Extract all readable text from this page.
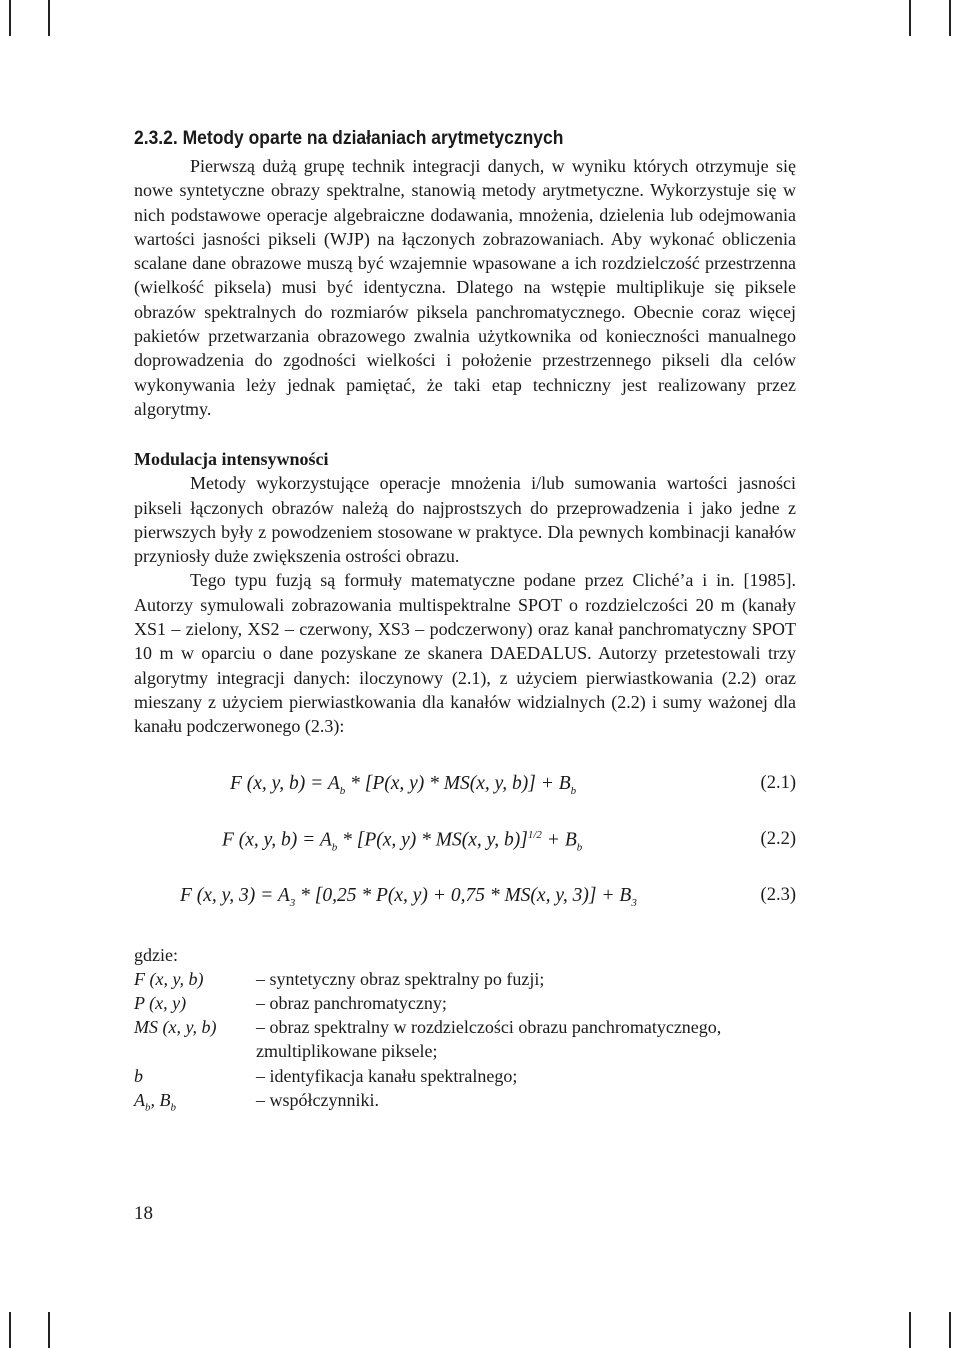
2.3.2. Metody oparte na działaniach arytmetycznych

Pierwszą dużą grupę technik integracji danych, w wyniku których otrzymuje się nowe syntetyczne obrazy spektralne, stanowią metody arytmetyczne. Wykorzystuje się w nich podstawowe operacje algebraiczne dodawania, mnożenia, dzielenia lub odejmowania wartości jasności pikseli (WJP) na łączonych zobrazowaniach. Aby wykonać obliczenia scalane dane obrazowe muszą być wzajemnie wpasowane a ich rozdzielczość przestrzenna (wielkość piksela) musi być identyczna. Dlatego na wstępie multiplikuje się piksele obrazów spektralnych do rozmiarów piksela panchromatycznego. Obecnie coraz więcej pakietów przetwarzania obrazowego zwalnia użytkownika od konieczności manualnego doprowadzenia do zgodności wielkości i położenie przestrzennego pikseli dla celów wykonywania leży jednak pamiętać, że taki etap techniczny jest realizowany przez algorytmy.

Modulacja intensywności

Metody wykorzystujące operacje mnożenia i/lub sumowania wartości jasności pikseli łączonych obrazów należą do najprostszych do przeprowadzenia i jako jedne z pierwszych były z powodzeniem stosowane w praktyce. Dla pewnych kombinacji kanałów przyniosły duże zwiększenia ostrości obrazu.

Tego typu fuzją są formuły matematyczne podane przez Cliché’a i in. [1985]. Autorzy symulowali zobrazowania multispektralne SPOT o rozdzielczości 20 m (kanały XS1 – zielony, XS2 – czerwony, XS3 – podczerwony) oraz kanał panchromatyczny SPOT 10 m w oparciu o dane pozyskane ze skanera DAEDALUS. Autorzy przetestowali trzy algorytmy integracji danych: iloczynowy (2.1), z użyciem pierwiastkowania (2.2) oraz mieszany z użyciem pierwiastkowania dla kanałów widzialnych (2.2) i sumy ważonej dla kanału podczerwonego (2.3):

F (x, y, $b) = A_b * [P(x$, y) * MS(x, y, $b)] + B_b$	(2.1)
F (x, y, $b) = A_b * [P(x$, y) * MS(x, y, $b)]^{1/2} + B_b$	(2.2)
F (x, y, $3) = A_3 * [0,25 * P(x$, y) + 0,75 * MS(x, y, $3)] + B_3$	(2.3)

gdzie:

F (x, y, b)	– syntetyczny obraz spektralny po fuzji;
P (x, y)	– obraz panchromatyczny;
MS (x, y, b)	– obraz spektralny w rozdzielczości obrazu panchromatycznego, zmultiplikowane piksele;
b	– identyfikacja kanału spektralnego;
$A_b$, $B_b$	– współczynniki.
18
